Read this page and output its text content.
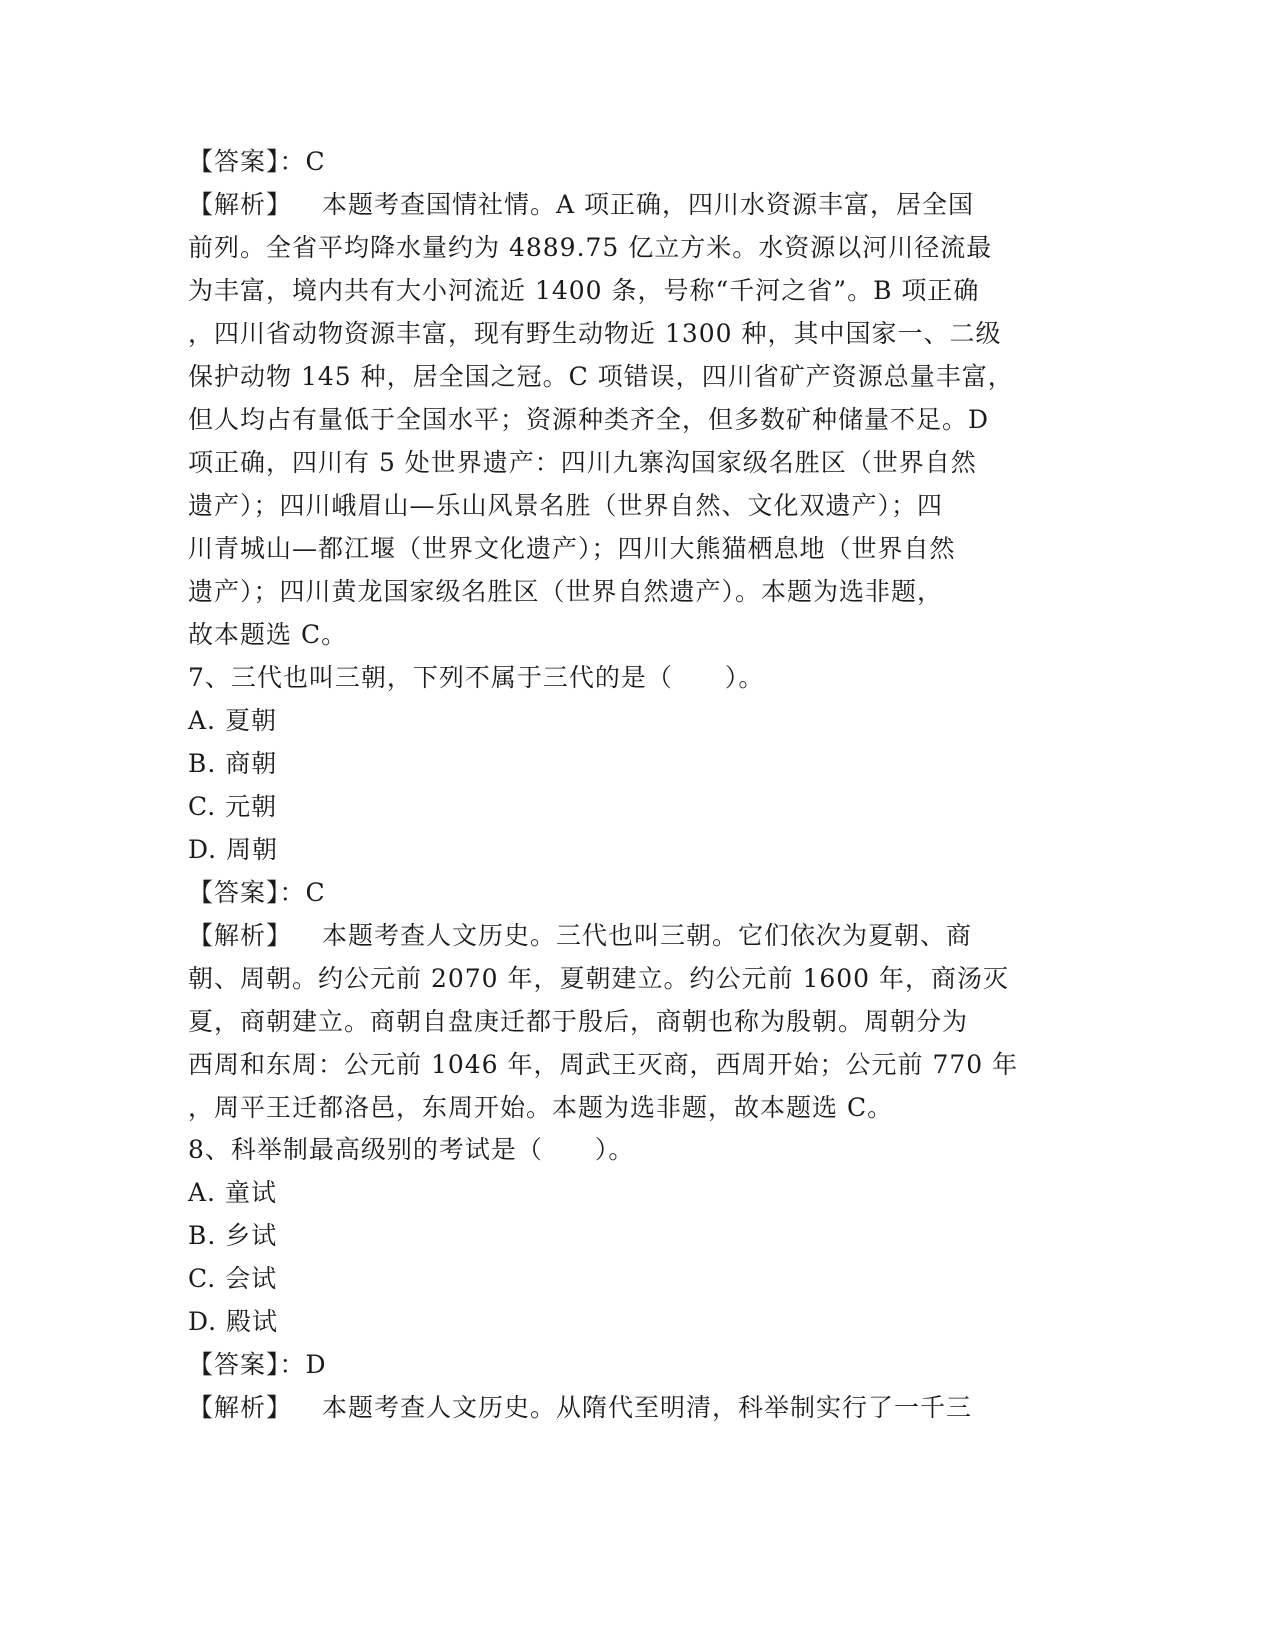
【答案】：C
【解析】 本题考查国情社情。A 项正确，四川水资源丰富，居全国
前列。全省平均降水量约为 4889.75 亿立方米。水资源以河川径流最
为丰富，境内共有大小河流近 1400 条，号称“千河之省”。B 项正确
，四川省动物资源丰富，现有野生动物近 1300 种，其中国家一、二级
保护动物 145 种，居全国之冠。C 项错误，四川省矿产资源总量丰富，
但人均占有量低于全国水平；资源种类齐全，但多数矿种储量不足。D
项正确，四川有 5 处世界遗产：四川九寨沟国家级名胜区（世界自然
遗产）；四川峨眉山—乐山风景名胜（世界自然、文化双遗产）；四
川青城山—都江堰（世界文化遗产）；四川大熊猫栖息地（世界自然
遗产）；四川黄龙国家级名胜区（世界自然遗产）。本题为选非题，
故本题选 C。
7、三代也叫三朝，下列不属于三代的是（　　）。
A. 夏朝
B. 商朝
C. 元朝
D. 周朝
【答案】：C
【解析】 本题考查人文历史。三代也叫三朝。它们依次为夏朝、商
朝、周朝。约公元前 2070 年，夏朝建立。约公元前 1600 年，商汤灭
夏，商朝建立。商朝自盘庚迁都于殷后，商朝也称为殷朝。周朝分为
西周和东周：公元前 1046 年，周武王灭商，西周开始；公元前 770 年
，周平王迁都洛邑，东周开始。本题为选非题，故本题选 C。
8、科举制最高级别的考试是（　　）。
A. 童试
B. 乡试
C. 会试
D. 殿试
【答案】：D
【解析】 本题考查人文历史。从隋代至明清，科举制实行了一千三
